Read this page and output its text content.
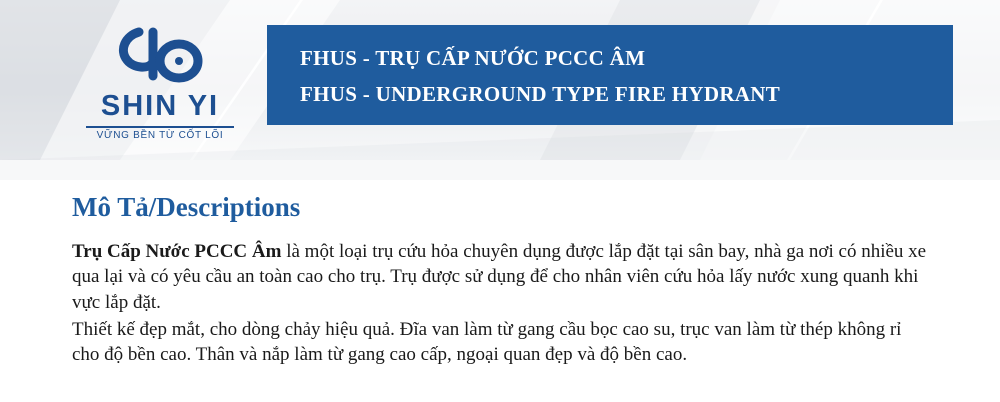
SHIN YI
VỮNG BỀN TỪ CỐT LÕI
FHUS - TRỤ CẤP NƯỚC PCCC ÂM
FHUS - UNDERGROUND TYPE FIRE HYDRANT
Mô Tả/Descriptions

Trụ Cấp Nước PCCC Âm là một loại trụ cứu hỏa chuyên dụng được lắp đặt tại sân bay, nhà ga nơi có nhiều xe qua lại và có yêu cầu an toàn cao cho trụ. Trụ được sử dụng để cho nhân viên cứu hỏa lấy nước xung quanh khi vực lắp đặt.

Thiết kế đẹp mắt, cho dòng chảy hiệu quả. Đĩa van làm từ gang cầu bọc cao su, trục van làm từ thép không rỉ cho độ bền cao. Thân và nắp làm từ gang cao cấp, ngoại quan đẹp và độ bền cao.
